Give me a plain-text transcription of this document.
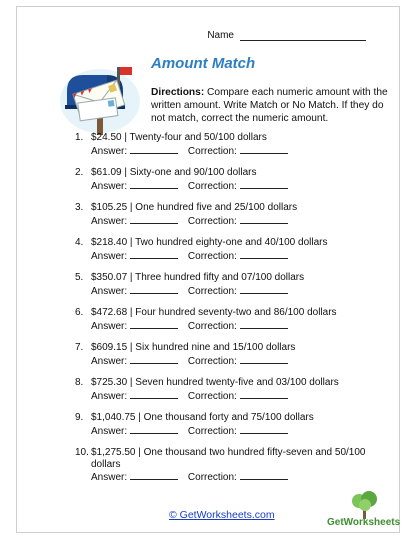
Name
Amount Match
Directions: Compare each numeric amount with the written amount. Write Match or No Match. If they do not match, correct the numeric amount.
1. $24.50 | Twenty-four and 50/100 dollars
Answer:	Correction:
2. $61.09 | Sixty-one and 90/100 dollars
Answer:	Correction:
3. $105.25 | One hundred five and 25/100 dollars
Answer:	Correction:
4. $218.40 | Two hundred eighty-one and 40/100 dollars
Answer:	Correction:
5. $350.07 | Three hundred fifty and 07/100 dollars
Answer:	Correction:
6. $472.68 | Four hundred seventy-two and 86/100 dollars
Answer:	Correction:
7. $609.15 | Six hundred nine and 15/100 dollars
Answer:	Correction:
8. $725.30 | Seven hundred twenty-five and 03/100 dollars
Answer:	Correction:
9. $1,040.75 | One thousand forty and 75/100 dollars
Answer:	Correction:
10. $1,275.50 | One thousand two hundred fifty-seven and 50/100 dollars
Answer:	Correction:
© GetWorksheets.com
GetWorksheets
